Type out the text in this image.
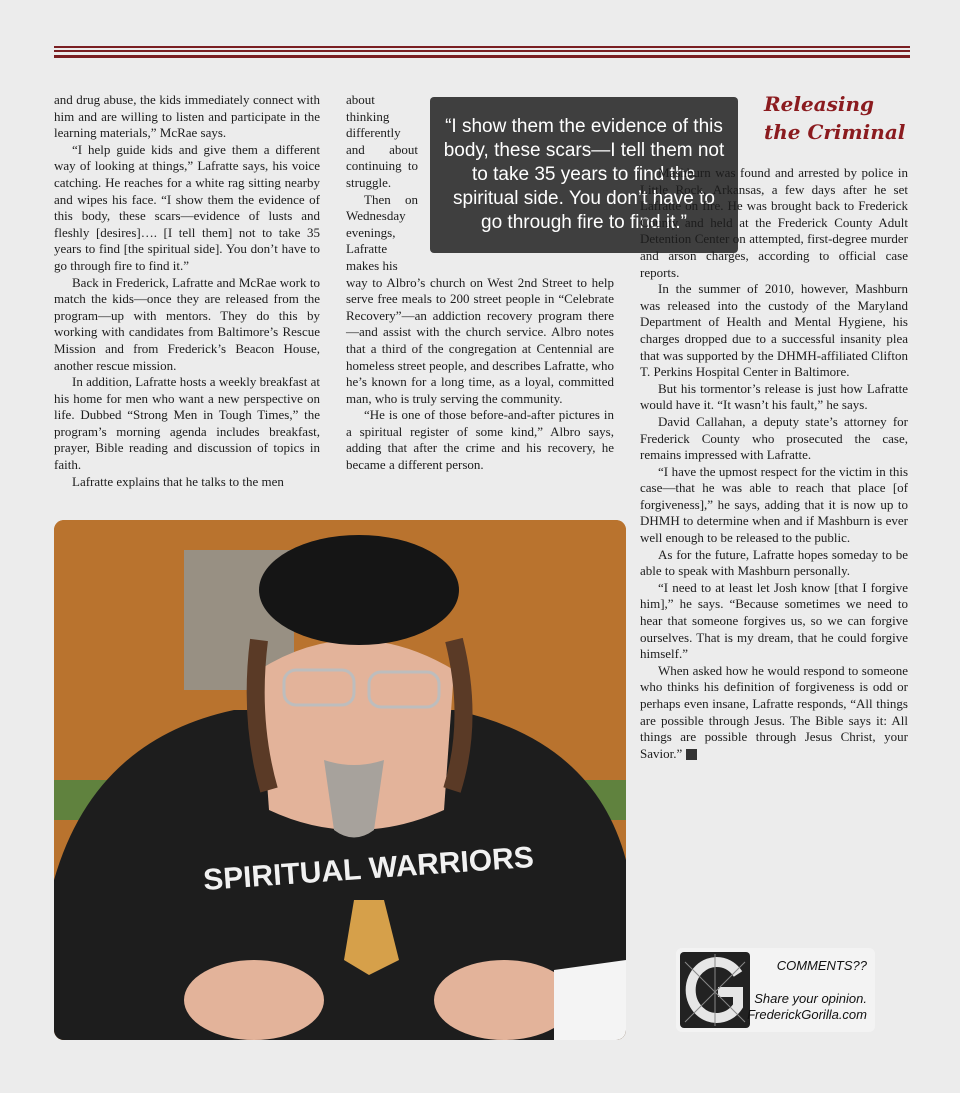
and drug abuse, the kids immediately connect with him and are willing to listen and participate in the learning materials,” McRae says.

“I help guide kids and give them a different way of looking at things,” Lafratte says, his voice catching. He reaches for a white rag sitting nearby and wipes his face. “I show them the evidence of this body, these scars—evidence of lusts and fleshly [desires]…. [I tell them] not to take 35 years to find [the spiritual side]. You don’t have to go through fire to find it.”

Back in Frederick, Lafratte and McRae work to match the kids—once they are released from the program—up with mentors. They do this by working with candidates from Baltimore’s Rescue Mission and from Frederick’s Beacon House, another rescue mission.

In addition, Lafratte hosts a weekly breakfast at his home for men who want a new perspective on life. Dubbed “Strong Men in Tough Times,” the program’s morning agenda includes breakfast, prayer, Bible reading and discussion of topics in faith.

Lafratte explains that he talks to the men

about thinking differently and about continuing to struggle.

Then on Wednesday evenings, Lafratte makes his

way to Albro’s church on West 2nd Street to help serve free meals to 200 street people in “Celebrate Recovery”—an addiction recovery program there—and assist with the church service. Albro notes that a third of the congregation at Centennial are homeless street people, and describes Lafratte, who he’s known for a long time, as a loyal, committed man, who is truly serving the community.

“He is one of those before-and-after pictures in a spiritual register of some kind,” Albro says, adding that after the crime and his recovery, he became a different person.

“I show them the evidence of this body, these scars—I tell them not to take 35 years to find the spiritual side. You don’t have to go through fire to find it.”
Releasing the Criminal

Mashburn was found and arrested by police in Little Rock, Arkansas, a few days after he set Lafratte on fire. He was brought back to Frederick County and held at the Frederick County Adult Detention Center on attempted, first-degree murder and arson charges, according to official case reports.

In the summer of 2010, however, Mashburn was released into the custody of the Maryland Department of Health and Mental Hygiene, his charges dropped due to a successful insanity plea that was supported by the DHMH-affiliated Clifton T. Perkins Hospital Center in Baltimore.

But his tormentor’s release is just how Lafratte would have it. “It wasn’t his fault,” he says.

David Callahan, a deputy state’s attorney for Frederick County who prosecuted the case, remains impressed with Lafratte.

“I have the upmost respect for the victim in this case—that he was able to reach that place [of forgiveness],” he says, adding that it is now up to DHMH to determine when and if Mashburn is ever well enough to be released to the public.

As for the future, Lafratte hopes someday to be able to speak with Mashburn personally.

“I need to at least let Josh know [that I forgive him],” he says. “Because sometimes we need to hear that someone forgives us, so we can forgive ourselves. That is my dream, that he could forgive himself.”

When asked how he would respond to someone who thinks his definition of forgiveness is odd or perhaps even insane, Lafratte responds, “All things are possible through Jesus. The Bible says it: All things are possible through Jesus Christ, your Savior.”

SPIRITUAL WARRIORS
COMMENTS??
Share your opinion.
FrederickGorilla.com
